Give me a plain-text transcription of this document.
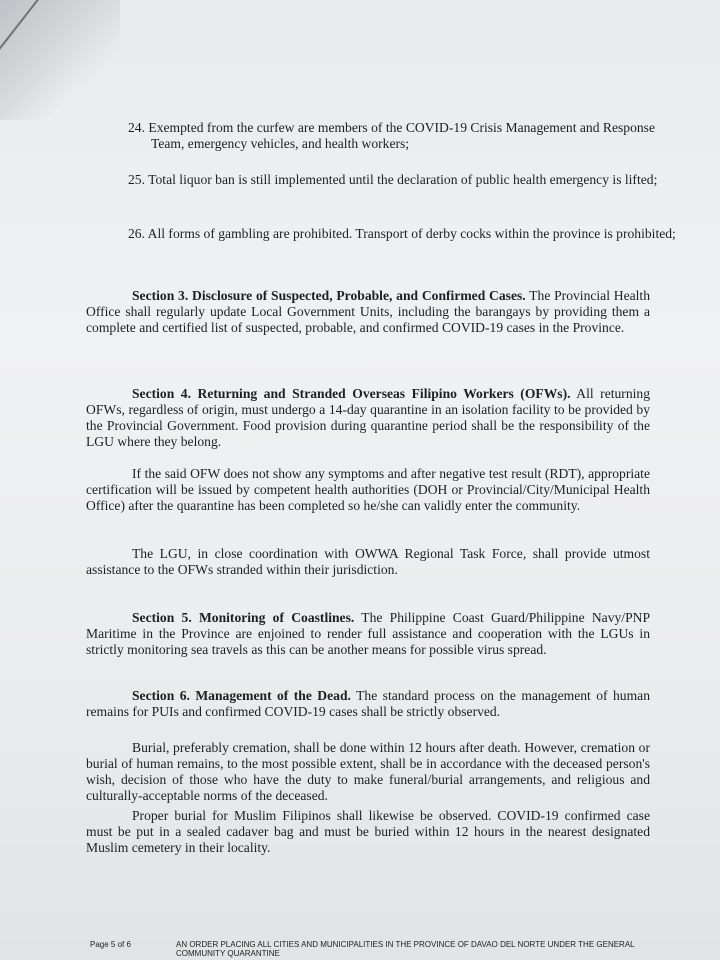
24. Exempted from the curfew are members of the COVID-19 Crisis Management and Response Team, emergency vehicles, and health workers;
25. Total liquor ban is still implemented until the declaration of public health emergency is lifted;
26. All forms of gambling are prohibited. Transport of derby cocks within the province is prohibited;
Section 3. Disclosure of Suspected, Probable, and Confirmed Cases. The Provincial Health Office shall regularly update Local Government Units, including the barangays by providing them a complete and certified list of suspected, probable, and confirmed COVID-19 cases in the Province.
Section 4. Returning and Stranded Overseas Filipino Workers (OFWs). All returning OFWs, regardless of origin, must undergo a 14-day quarantine in an isolation facility to be provided by the Provincial Government. Food provision during quarantine period shall be the responsibility of the LGU where they belong.
If the said OFW does not show any symptoms and after negative test result (RDT), appropriate certification will be issued by competent health authorities (DOH or Provincial/City/Municipal Health Office) after the quarantine has been completed so he/she can validly enter the community.
The LGU, in close coordination with OWWA Regional Task Force, shall provide utmost assistance to the OFWs stranded within their jurisdiction.
Section 5. Monitoring of Coastlines. The Philippine Coast Guard/Philippine Navy/PNP Maritime in the Province are enjoined to render full assistance and cooperation with the LGUs in strictly monitoring sea travels as this can be another means for possible virus spread.
Section 6. Management of the Dead. The standard process on the management of human remains for PUIs and confirmed COVID-19 cases shall be strictly observed.
Burial, preferably cremation, shall be done within 12 hours after death. However, cremation or burial of human remains, to the most possible extent, shall be in accordance with the deceased person's wish, decision of those who have the duty to make funeral/burial arrangements, and religious and culturally-acceptable norms of the deceased.
Proper burial for Muslim Filipinos shall likewise be observed. COVID-19 confirmed case must be put in a sealed cadaver bag and must be buried within 12 hours in the nearest designated Muslim cemetery in their locality.
Page 5 of 6	AN ORDER PLACING ALL CITIES AND MUNICIPALITIES IN THE PROVINCE OF DAVAO DEL NORTE UNDER THE GENERAL
COMMUNITY QUARANTINE
